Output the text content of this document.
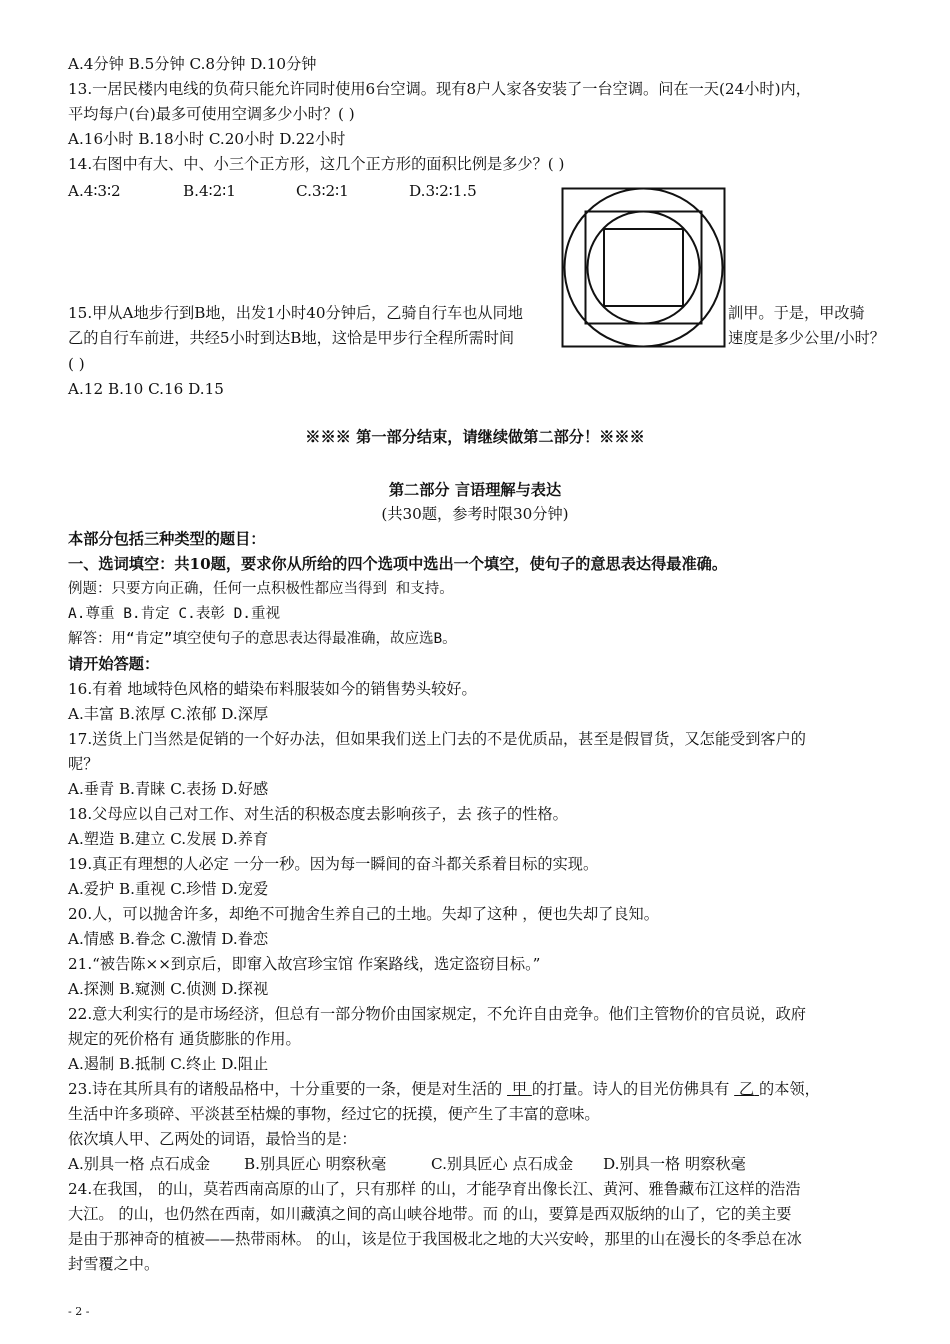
A.4分钟 B.5分钟 C.8分钟 D.10分钟
13.一居民楼内电线的负荷只能允许同时使用6台空调。现有8户人家各安装了一台空调。问在一天(24小时)内，
平均每户(台)最多可使用空调多少小时？( )
A.16小时 B.18小时 C.20小时 D.22小时
14.右图中有大、中、小三个正方形，这几个正方形的面积比例是多少？( )
A.4∶3∶2	B.4∶2∶1	C.3∶2∶1	D.3∶2∶1.5
15.甲从A地步行到B地，出发1小时40分钟后，乙骑自行车也从同地	訓甲。于是，甲改骑
乙的自行车前进，共经5小时到达B地，这恰是甲步行全程所需时间	速度是多少公里/小时？
( )
A.12 B.10 C.16 D.15
※※※ 第一部分结束，请继续做第二部分！※※※
第二部分 言语理解与表达
(共30题，参考时限30分钟)
本部分包括三种类型的题目：
一、选词填空：共10题，要求你从所给的四个选项中选出一个填空，使句子的意思表达得最准确。
例题：只要方向正确，任何一点积极性都应当得到 和支持。
A.尊重 B.肯定 C.表彰 D.重视
解答：用“肯定”填空使句子的意思表达得最准确，故应选B。
请开始答题：
16.有着 地域特色风格的蜡染布料服装如今的销售势头较好。
A.丰富 B.浓厚 C.浓郁 D.深厚
17.送货上门当然是促销的一个好办法，但如果我们送上门去的不是优质品，甚至是假冒货，又怎能受到客户的
呢？
A.垂青 B.青睐 C.表扬 D.好感
18.父母应以自己对工作、对生活的积极态度去影响孩子，去 孩子的性格。
A.塑造 B.建立 C.发展 D.养育
19.真正有理想的人必定 一分一秒。因为每一瞬间的奋斗都关系着目标的实现。
A.爱护 B.重视 C.珍惜 D.宠爱
20.人，可以抛舍许多，却绝不可抛舍生养自己的土地。失却了这种 ，便也失却了良知。
A.情感 B.眷念 C.激情 D.眷恋
21.“被告陈××到京后，即窜入故宫珍宝馆 作案路线，选定盗窃目标。”
A.探测 B.窥测 C.侦测 D.探视
22.意大利实行的是市场经济，但总有一部分物价由国家规定，不允许自由竞争。他们主管物价的官员说，政府
规定的死价格有 通货膨胀的作用。
A.遏制 B.抵制 C.终止 D.阻止
23.诗在其所具有的诸般品格中，十分重要的一条，便是对生活的 甲 的打量。诗人的目光仿佛具有 乙 的本领，
生活中许多琐碎、平淡甚至枯燥的事物，经过它的抚摸，便产生了丰富的意味。
依次填人甲、乙两处的词语，最恰当的是：
A.别具一格 点石成金 B.别具匠心 明察秋毫	C.别具匠心 点石成金 D.别具一格 明察秋毫
24.在我国， 的山，莫若西南高原的山了，只有那样 的山，才能孕育出像长江、黄河、雅鲁藏布江这样的浩浩
大江。 的山，也仍然在西南，如川藏滇之间的高山峡谷地带。而 的山，要算是西双版纳的山了，它的美主要
是由于那神奇的植被——热带雨林。 的山，该是位于我国极北之地的大兴安岭，那里的山在漫长的冬季总在冰
封雪覆之中。
- 2 -
